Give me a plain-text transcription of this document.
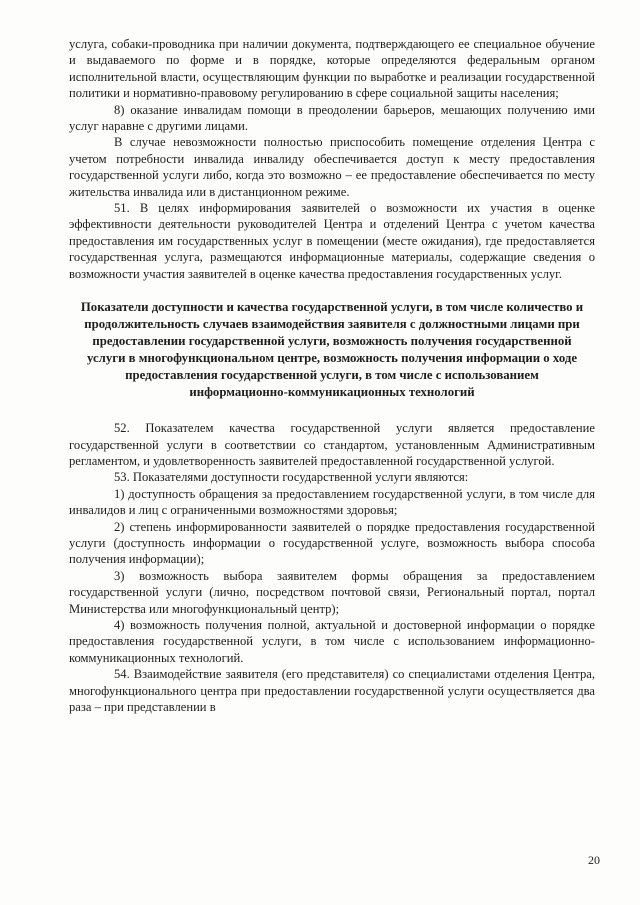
услуга, собаки-проводника при наличии документа, подтверждающего ее специальное обучение и выдаваемого по форме и в порядке, которые определяются федеральным органом исполнительной власти, осуществляющим функции по выработке и реализации государственной политики и нормативно-правовому регулированию в сфере социальной защиты населения;

8) оказание инвалидам помощи в преодолении барьеров, мешающих получению ими услуг наравне с другими лицами.

В случае невозможности полностью приспособить помещение отделения Центра с учетом потребности инвалида инвалиду обеспечивается доступ к месту предоставления государственной услуги либо, когда это возможно – ее предоставление обеспечивается по месту жительства инвалида или в дистанционном режиме.

51. В целях информирования заявителей о возможности их участия в оценке эффективности деятельности руководителей Центра и отделений Центра с учетом качества предоставления им государственных услуг в помещении (месте ожидания), где предоставляется государственная услуга, размещаются информационные материалы, содержащие сведения о возможности участия заявителей в оценке качества предоставления государственных услуг.

Показатели доступности и качества государственной услуги, в том числе количество и продолжительность случаев взаимодействия заявителя с должностными лицами при предоставлении государственной услуги, возможность получения государственной услуги в многофункциональном центре, возможность получения информации о ходе предоставления государственной услуги, в том числе с использованием информационно-коммуникационных технологий

52. Показателем качества государственной услуги является предоставление государственной услуги в соответствии со стандартом, установленным Административным регламентом, и удовлетворенность заявителей предоставленной государственной услугой.

53. Показателями доступности государственной услуги являются:

1) доступность обращения за предоставлением государственной услуги, в том числе для инвалидов и лиц с ограниченными возможностями здоровья;

2) степень информированности заявителей о порядке предоставления государственной услуги (доступность информации о государственной услуге, возможность выбора способа получения информации);

3) возможность выбора заявителем формы обращения за предоставлением государственной услуги (лично, посредством почтовой связи, Региональный портал, портал Министерства или многофункциональный центр);

4) возможность получения полной, актуальной и достоверной информации о порядке предоставления государственной услуги, в том числе с использованием информационно-коммуникационных технологий.

54. Взаимодействие заявителя (его представителя) со специалистами отделения Центра, многофункционального центра при предоставлении государственной услуги осуществляется два раза – при представлении в

20
